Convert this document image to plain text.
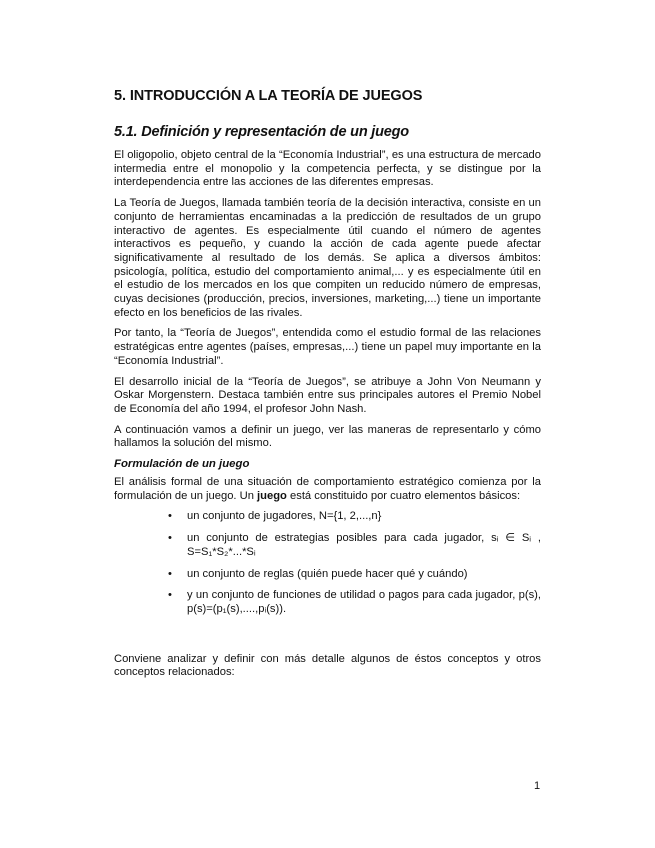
5. INTRODUCCIÓN A LA TEORÍA DE JUEGOS
5.1. Definición y representación de un juego

El oligopolio, objeto central de la “Economía Industrial”, es una estructura de mercado intermedia entre el monopolio y la competencia perfecta, y se distingue por la interdependencia entre las acciones de las diferentes empresas.

La Teoría de Juegos, llamada también teoría de la decisión interactiva, consiste en un conjunto de herramientas encaminadas a la predicción de resultados de un grupo interactivo de agentes. Es especialmente útil cuando el número de agentes interactivos es pequeño, y cuando la acción de cada agente puede afectar significativamente al resultado de los demás. Se aplica a diversos ámbitos: psicología, política, estudio del comportamiento animal,... y es especialmente útil en el estudio de los mercados en los que compiten un reducido número de empresas, cuyas decisiones (producción, precios, inversiones, marketing,...) tiene un importante efecto en los beneficios de las rivales.

Por tanto, la “Teoría de Juegos”, entendida como el estudio formal de las relaciones estratégicas entre agentes (países, empresas,...) tiene un papel muy importante en la “Economía Industrial”.

El desarrollo inicial de la “Teoría de Juegos”, se atribuye a John Von Neumann y Oskar Morgenstern. Destaca también entre sus principales autores el Premio Nobel de Economía del año 1994, el profesor John Nash.

A continuación vamos a definir un juego, ver las maneras de representarlo y cómo hallamos la solución del mismo.

Formulación de un juego

El análisis formal de una situación de comportamiento estratégico comienza por la formulación de un juego. Un juego está constituido por cuatro elementos básicos:

• un conjunto de jugadores, N={1, 2,...,n}
• un conjunto de estrategias posibles para cada jugador, sᵢ ∈ Sᵢ , S=S₁*S₂*...*Sᵢ
• un conjunto de reglas (quién puede hacer qué y cuándo)
• y un conjunto de funciones de utilidad o pagos para cada jugador, p(s), p(s)=(p₁(s),....,pᵢ(s)).

Conviene analizar y definir con más detalle algunos de éstos conceptos y otros conceptos relacionados:

1
